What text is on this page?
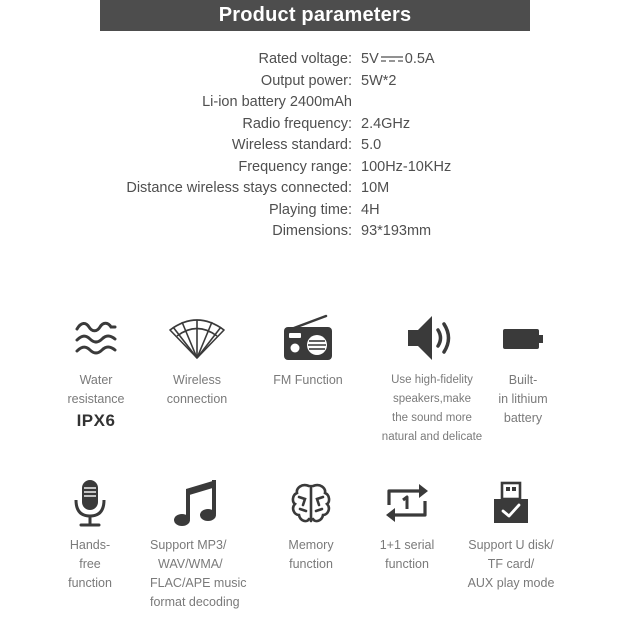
Product parameters
Rated voltage: 5V 0.5A
Output power: 5W*2
Li-ion battery 2400mAh
Radio frequency: 2.4GHz
Wireless standard: 5.0
Frequency range: 100Hz-10KHz
Distance wireless stays connected: 10M
Playing time: 4H
Dimensions: 93*193mm
Water
resistance
IPX6
Wireless
connection
FM Function	Use high-fidelity
speakers,make
the sound more
natural and delicate
Built-
in lithium
battery
Hands-
free
function
Support MP3/
WAV/WMA/
FLAC/APE music
format decoding
Memory
function
1+1 serial
function
Support U disk/
TF card/
AUX play mode
